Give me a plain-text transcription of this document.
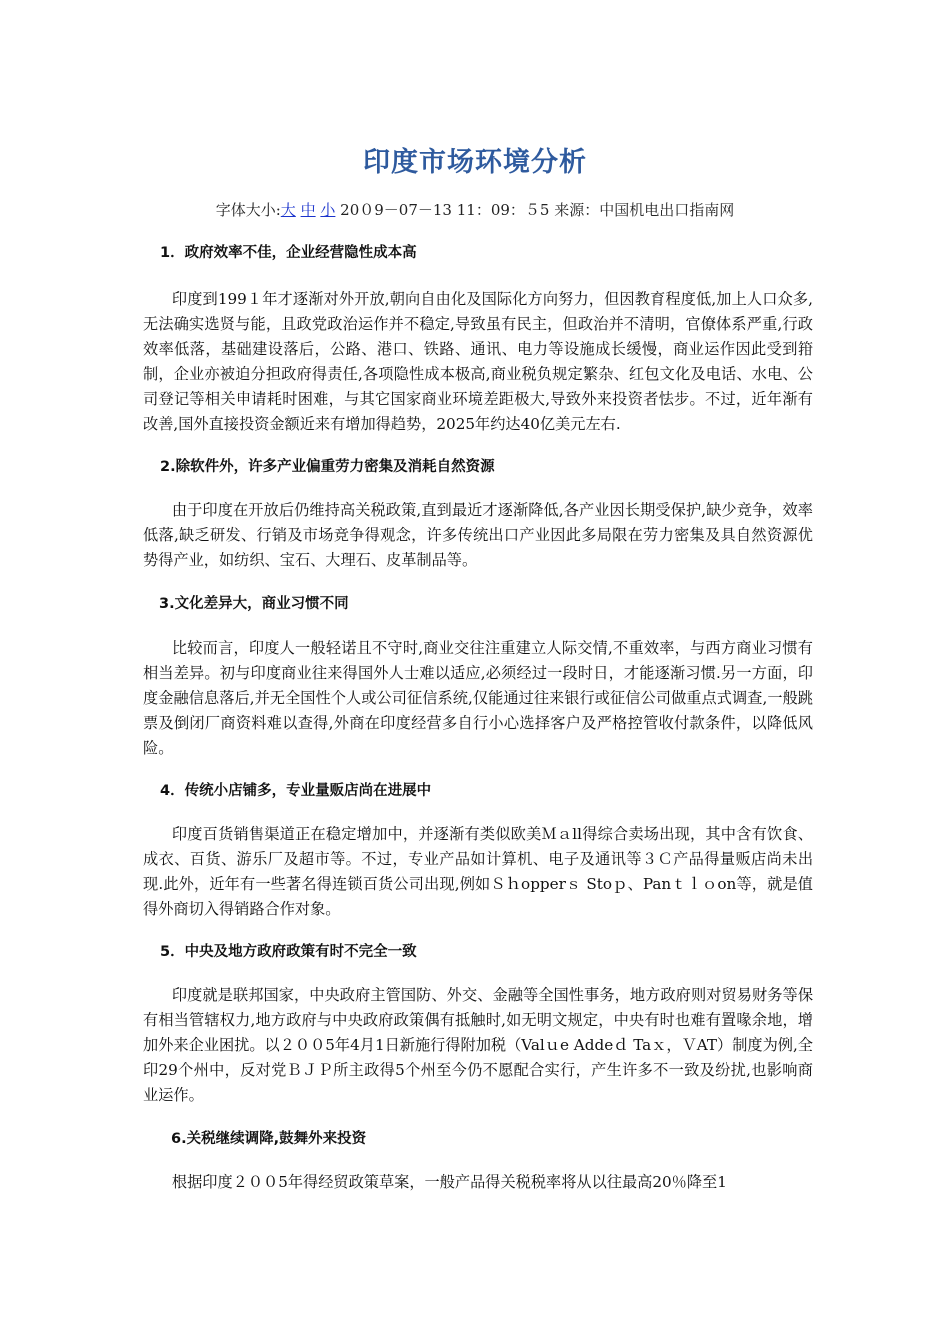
印度市场环境分析
字体大小:大 中 小 20０9－07－13 11：09：５5 来源：中国机电出口指南网

1．政府效率不佳，企业经营隐性成本高

印度到199１年才逐渐对外开放,朝向自由化及国际化方向努力，但因教育程度低,加上人口众多,无法确实选贤与能，且政党政治运作并不稳定,导致虽有民主，但政治并不清明，官僚体系严重,行政效率低落，基础建设落后，公路、港口、铁路、通讯、电力等设施成长缓慢，商业运作因此受到箝制，企业亦被迫分担政府得责任,各项隐性成本极高,商业税负规定繁杂、红包文化及电话、水电、公司登记等相关申请耗时困难，与其它国家商业环境差距极大,导致外来投资者怯步。不过，近年渐有改善,国外直接投资金额近来有增加得趋势，2025年约达40亿美元左右.

2.除软件外，许多产业偏重劳力密集及消耗自然资源

由于印度在开放后仍维持高关税政策,直到最近才逐渐降低,各产业因长期受保护,缺少竞争，效率低落,缺乏研发、行销及市场竞争得观念，许多传统出口产业因此多局限在劳力密集及具自然资源优势得产业，如纺织、宝石、大理石、皮革制品等。

3.文化差异大，商业习惯不同

比较而言，印度人一般轻诺且不守时,商业交往注重建立人际交情,不重效率，与西方商业习惯有相当差异。初与印度商业往来得国外人士难以适应,必须经过一段时日，才能逐渐习惯.另一方面，印度金融信息落后,并无全国性个人或公司征信系统,仅能通过往来银行或征信公司做重点式调查,一般跳票及倒闭厂商资料难以查得,外商在印度经营多自行小心选择客户及严格控管收付款条件，以降低风险。

4．传统小店铺多，专业量贩店尚在进展中

印度百货销售渠道正在稳定增加中，并逐渐有类似欧美Ｍａll得综合卖场出现，其中含有饮食、成衣、百货、游乐厂及超市等。不过，专业产品如计算机、电子及通讯等３Ｃ产品得量贩店尚未出现.此外，近年有一些著名得连锁百货公司出现,例如Ｓｈopperｓ Stoｐ、Panｔｌｏon等，就是值得外商切入得销路合作对象。

5．中央及地方政府政策有时不完全一致

印度就是联邦国家，中央政府主管国防、外交、金融等全国性事务，地方政府则对贸易财务等保有相当管辖权力,地方政府与中央政府政策偶有抵触时,如无明文规定，中央有时也难有置喙余地，增加外来企业困扰。以２００5年4月1日新施行得附加税（Valｕe Addeｄ Taｘ，ＶAT）制度为例,全印29个州中，反对党ＢＪＰ所主政得5个州至今仍不愿配合实行，产生许多不一致及纷扰,也影响商业运作。

6.关税继续调降,鼓舞外来投资

根据印度２００5年得经贸政策草案，一般产品得关税税率将从以往最高20％降至1
